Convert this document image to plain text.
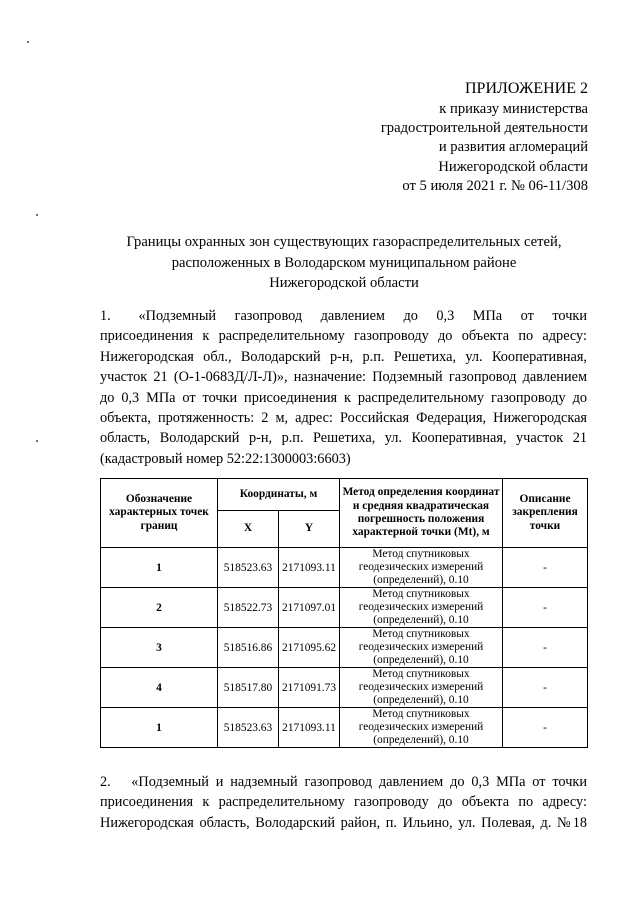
ПРИЛОЖЕНИЕ 2
к приказу министерства
градостроительной деятельности
и развития агломераций
Нижегородской области
от 5 июля 2021 г. № 06-11/308
Границы охранных зон существующих газораспределительных сетей,
расположенных в Володарском муниципальном районе
Нижегородской области
1.      «Подземный    газопровод    давлением    до    0,3    МПа    от    точки
присоединения к распределительному газопроводу до объекта по адресу:
Нижегородская обл., Володарский р-н, р.п. Решетиха, ул. Кооперативная,
участок 21 (О-1-0683Д/Л-Л)», назначение: Подземный газопровод давлением
до 0,3 МПа от точки присоединения к распределительному газопроводу до
объекта, протяженность: 2 м, адрес: Российская Федерация, Нижегородская
область, Володарский р-н, р.п. Решетиха, ул. Кооперативная, участок 21
(кадастровый номер 52:22:1300003:6603)
Обозначение характерных точек границ	Координаты, м		Метод определения координат и средняя квадратическая погрешность положения характерной точки (Mt), м	Описание закрепления точки
	X	Y		
1	518523.63	2171093.11	Метод спутниковых геодезических измерений (определений), 0.10	-
2	518522.73	2171097.01	Метод спутниковых геодезических измерений (определений), 0.10	-
3	518516.86	2171095.62	Метод спутниковых геодезических измерений (определений), 0.10	-
4	518517.80	2171091.73	Метод спутниковых геодезических измерений (определений), 0.10	-
1	518523.63	2171093.11	Метод спутниковых геодезических измерений (определений), 0.10	-
2.   «Подземный и надземный газопровод давлением до 0,3 МПа от точки
присоединения к распределительному газопроводу до объекта по адресу:
Нижегородская область, Володарский район, п. Ильино, ул. Полевая, д. №18
